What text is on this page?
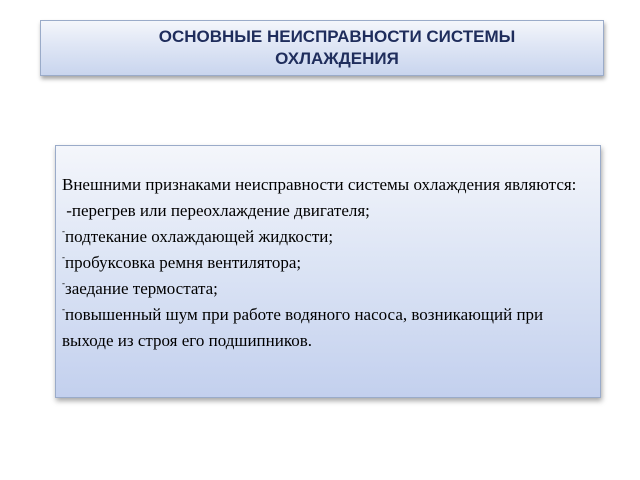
ОСНОВНЫЕ НЕИСПРАВНОСТИ СИСТЕМЫ ОХЛАЖДЕНИЯ

Внешними признаками неисправности системы охлаждения являются:

-перегрев или переохлаждение двигателя;

-подтекание охлаждающей жидкости;
-пробуксовка ремня вентилятора;
-заедание термостата;
-повышенный шум при работе водяного насоса, возникающий при выходе из строя его подшипников.
